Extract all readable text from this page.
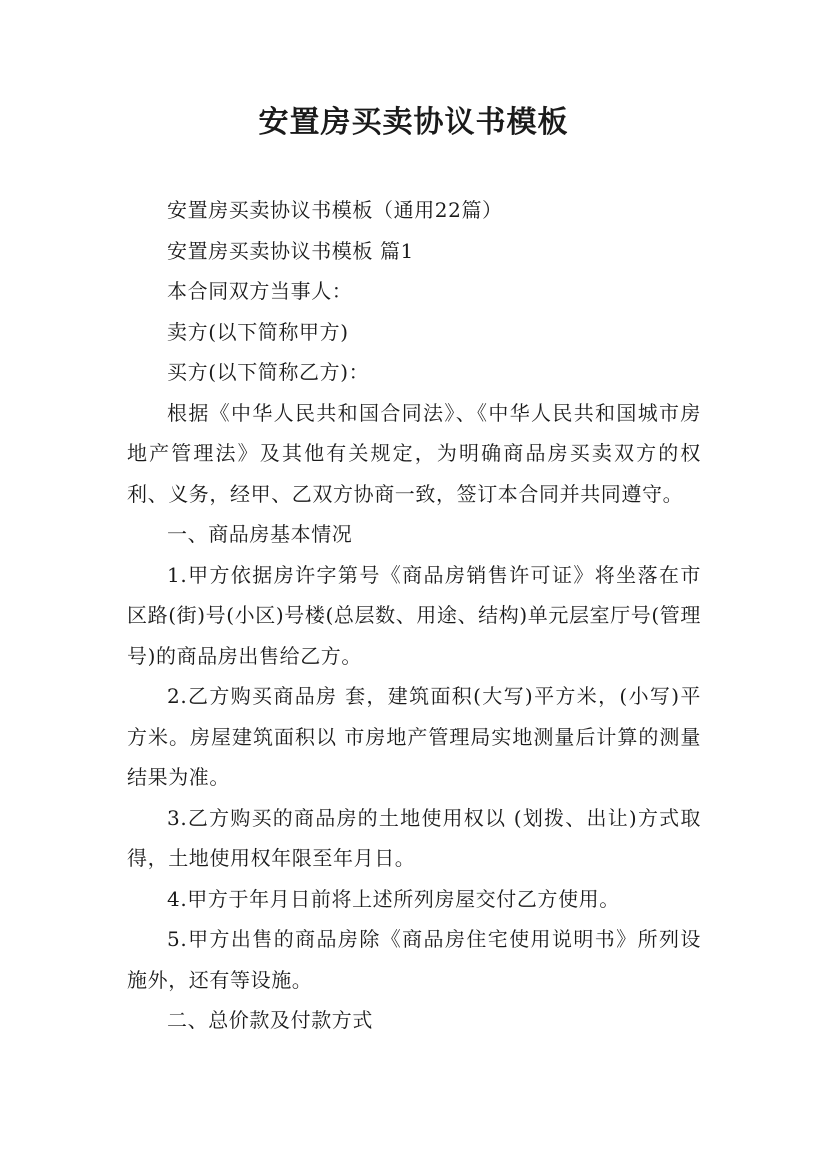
安置房买卖协议书模板

安置房买卖协议书模板（通用22篇）

安置房买卖协议书模板 篇1

本合同双方当事人：

卖方(以下简称甲方)

买方(以下简称乙方)：

根据《中华人民共和国合同法》、《中华人民共和国城市房地产管理法》及其他有关规定，为明确商品房买卖双方的权利、义务，经甲、乙双方协商一致，签订本合同并共同遵守。

一、商品房基本情况

1.甲方依据房许字第号《商品房销售许可证》将坐落在市区路(街)号(小区)号楼(总层数、用途、结构)单元层室厅号(管理号)的商品房出售给乙方。

2.乙方购买商品房 套，建筑面积(大写)平方米，(小写)平方米。房屋建筑面积以 市房地产管理局实地测量后计算的测量结果为准。

3.乙方购买的商品房的土地使用权以 (划拨、出让)方式取得，土地使用权年限至年月日。

4.甲方于年月日前将上述所列房屋交付乙方使用。

5.甲方出售的商品房除《商品房住宅使用说明书》所列设施外，还有等设施。

二、总价款及付款方式
